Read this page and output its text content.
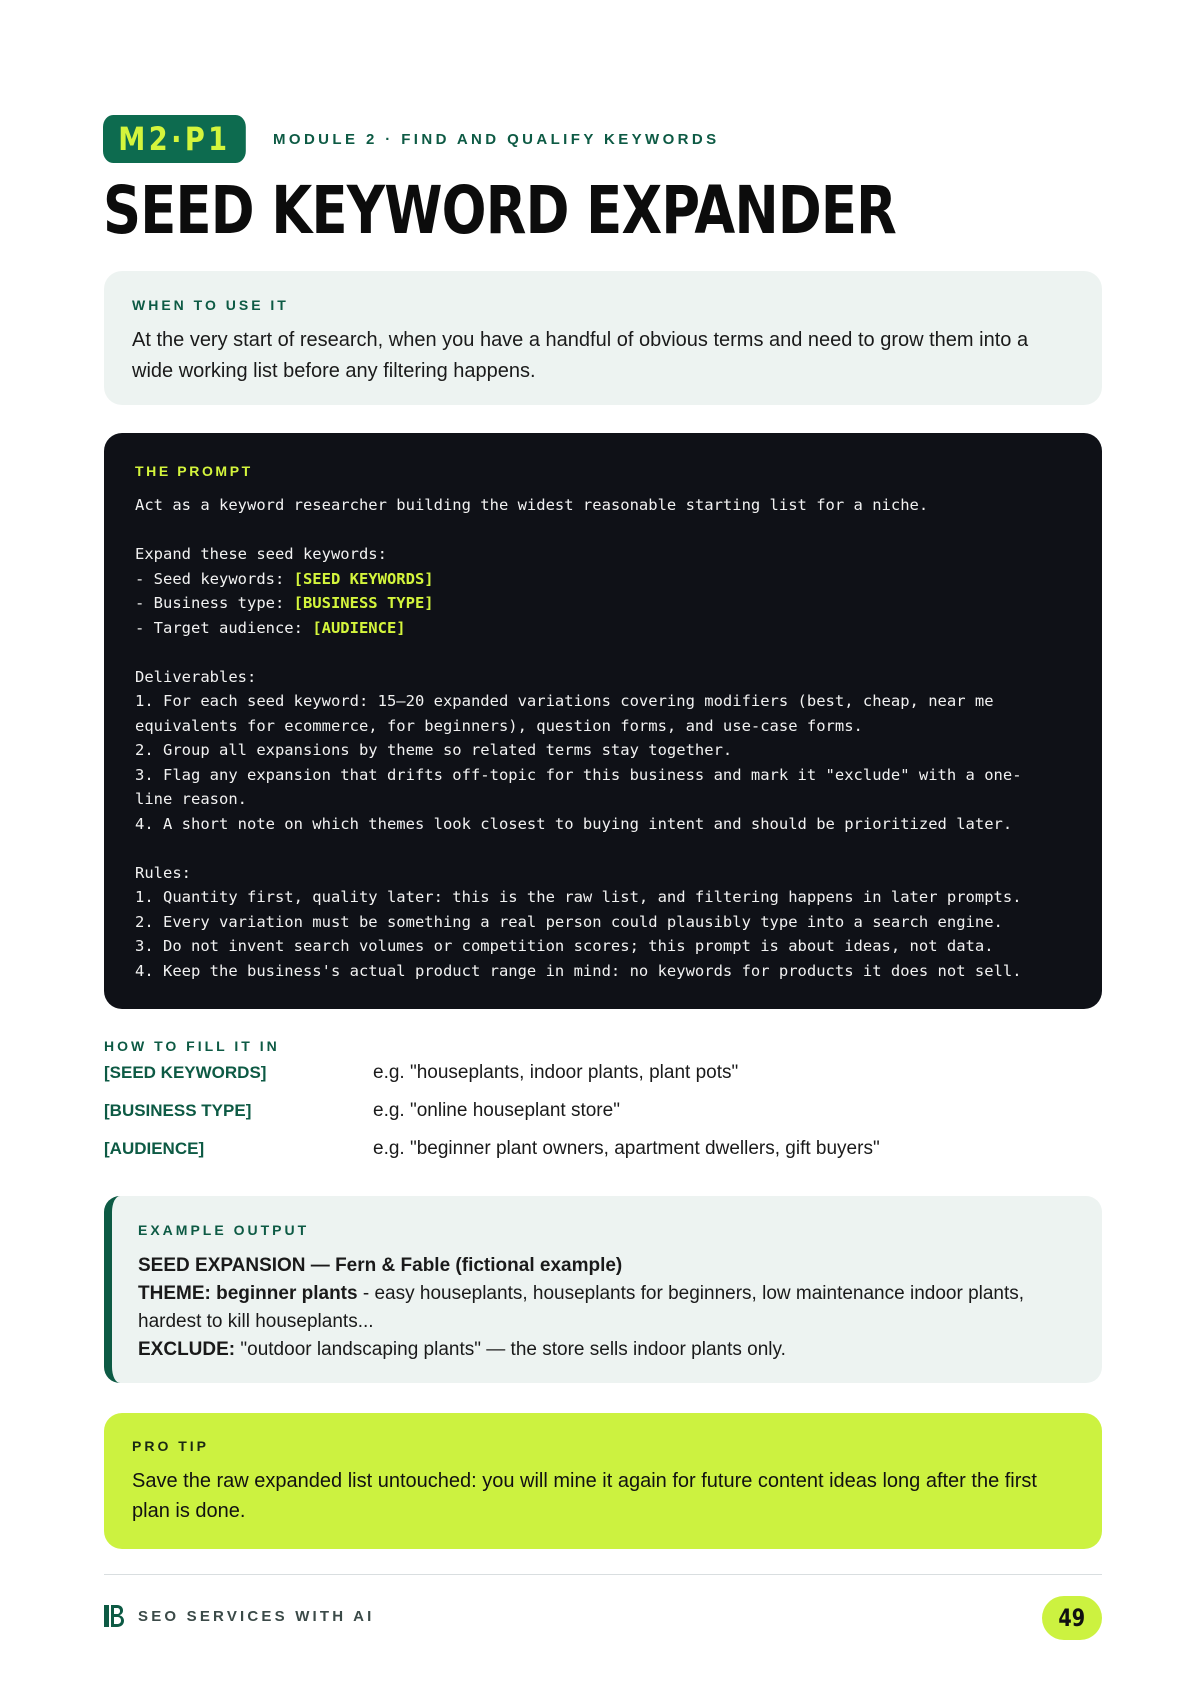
M2·P1	MODULE 2 · FIND AND QUALIFY KEYWORDS
SEED KEYWORD EXPANDER
WHEN TO USE IT

At the very start of research, when you have a handful of obvious terms and need to grow them into a wide working list before any filtering happens.

THE PROMPT
Act as a keyword researcher building the widest reasonable starting list for a niche.
Expand these seed keywords:
- Seed keywords: [SEED KEYWORDS]
- Business type: [BUSINESS TYPE]
- Target audience: [AUDIENCE]
Deliverables:
1. For each seed keyword: 15–20 expanded variations covering modifiers (best, cheap, near me
equivalents for ecommerce, for beginners), question forms, and use-case forms.
2. Group all expansions by theme so related terms stay together.
3. Flag any expansion that drifts off-topic for this business and mark it "exclude" with a one-
line reason.
4. A short note on which themes look closest to buying intent and should be prioritized later.
Rules:
1. Quantity first, quality later: this is the raw list, and filtering happens in later prompts.
2. Every variation must be something a real person could plausibly type into a search engine.
3. Do not invent search volumes or competition scores; this prompt is about ideas, not data.
4. Keep the business's actual product range in mind: no keywords for products it does not sell.
HOW TO FILL IT IN
[SEED KEYWORDS]	e.g. "houseplants, indoor plants, plant pots"
[BUSINESS TYPE]	e.g. "online houseplant store"
[AUDIENCE]	e.g. "beginner plant owners, apartment dwellers, gift buyers"
EXAMPLE OUTPUT
SEED EXPANSION — Fern & Fable (fictional example)
THEME: beginner plants - easy houseplants, houseplants for beginners, low maintenance indoor plants, hardest to kill houseplants...
EXCLUDE: "outdoor landscaping plants" — the store sells indoor plants only.
PRO TIP

Save the raw expanded list untouched: you will mine it again for future content ideas long after the first plan is done.

SEO SERVICES WITH AI	49
